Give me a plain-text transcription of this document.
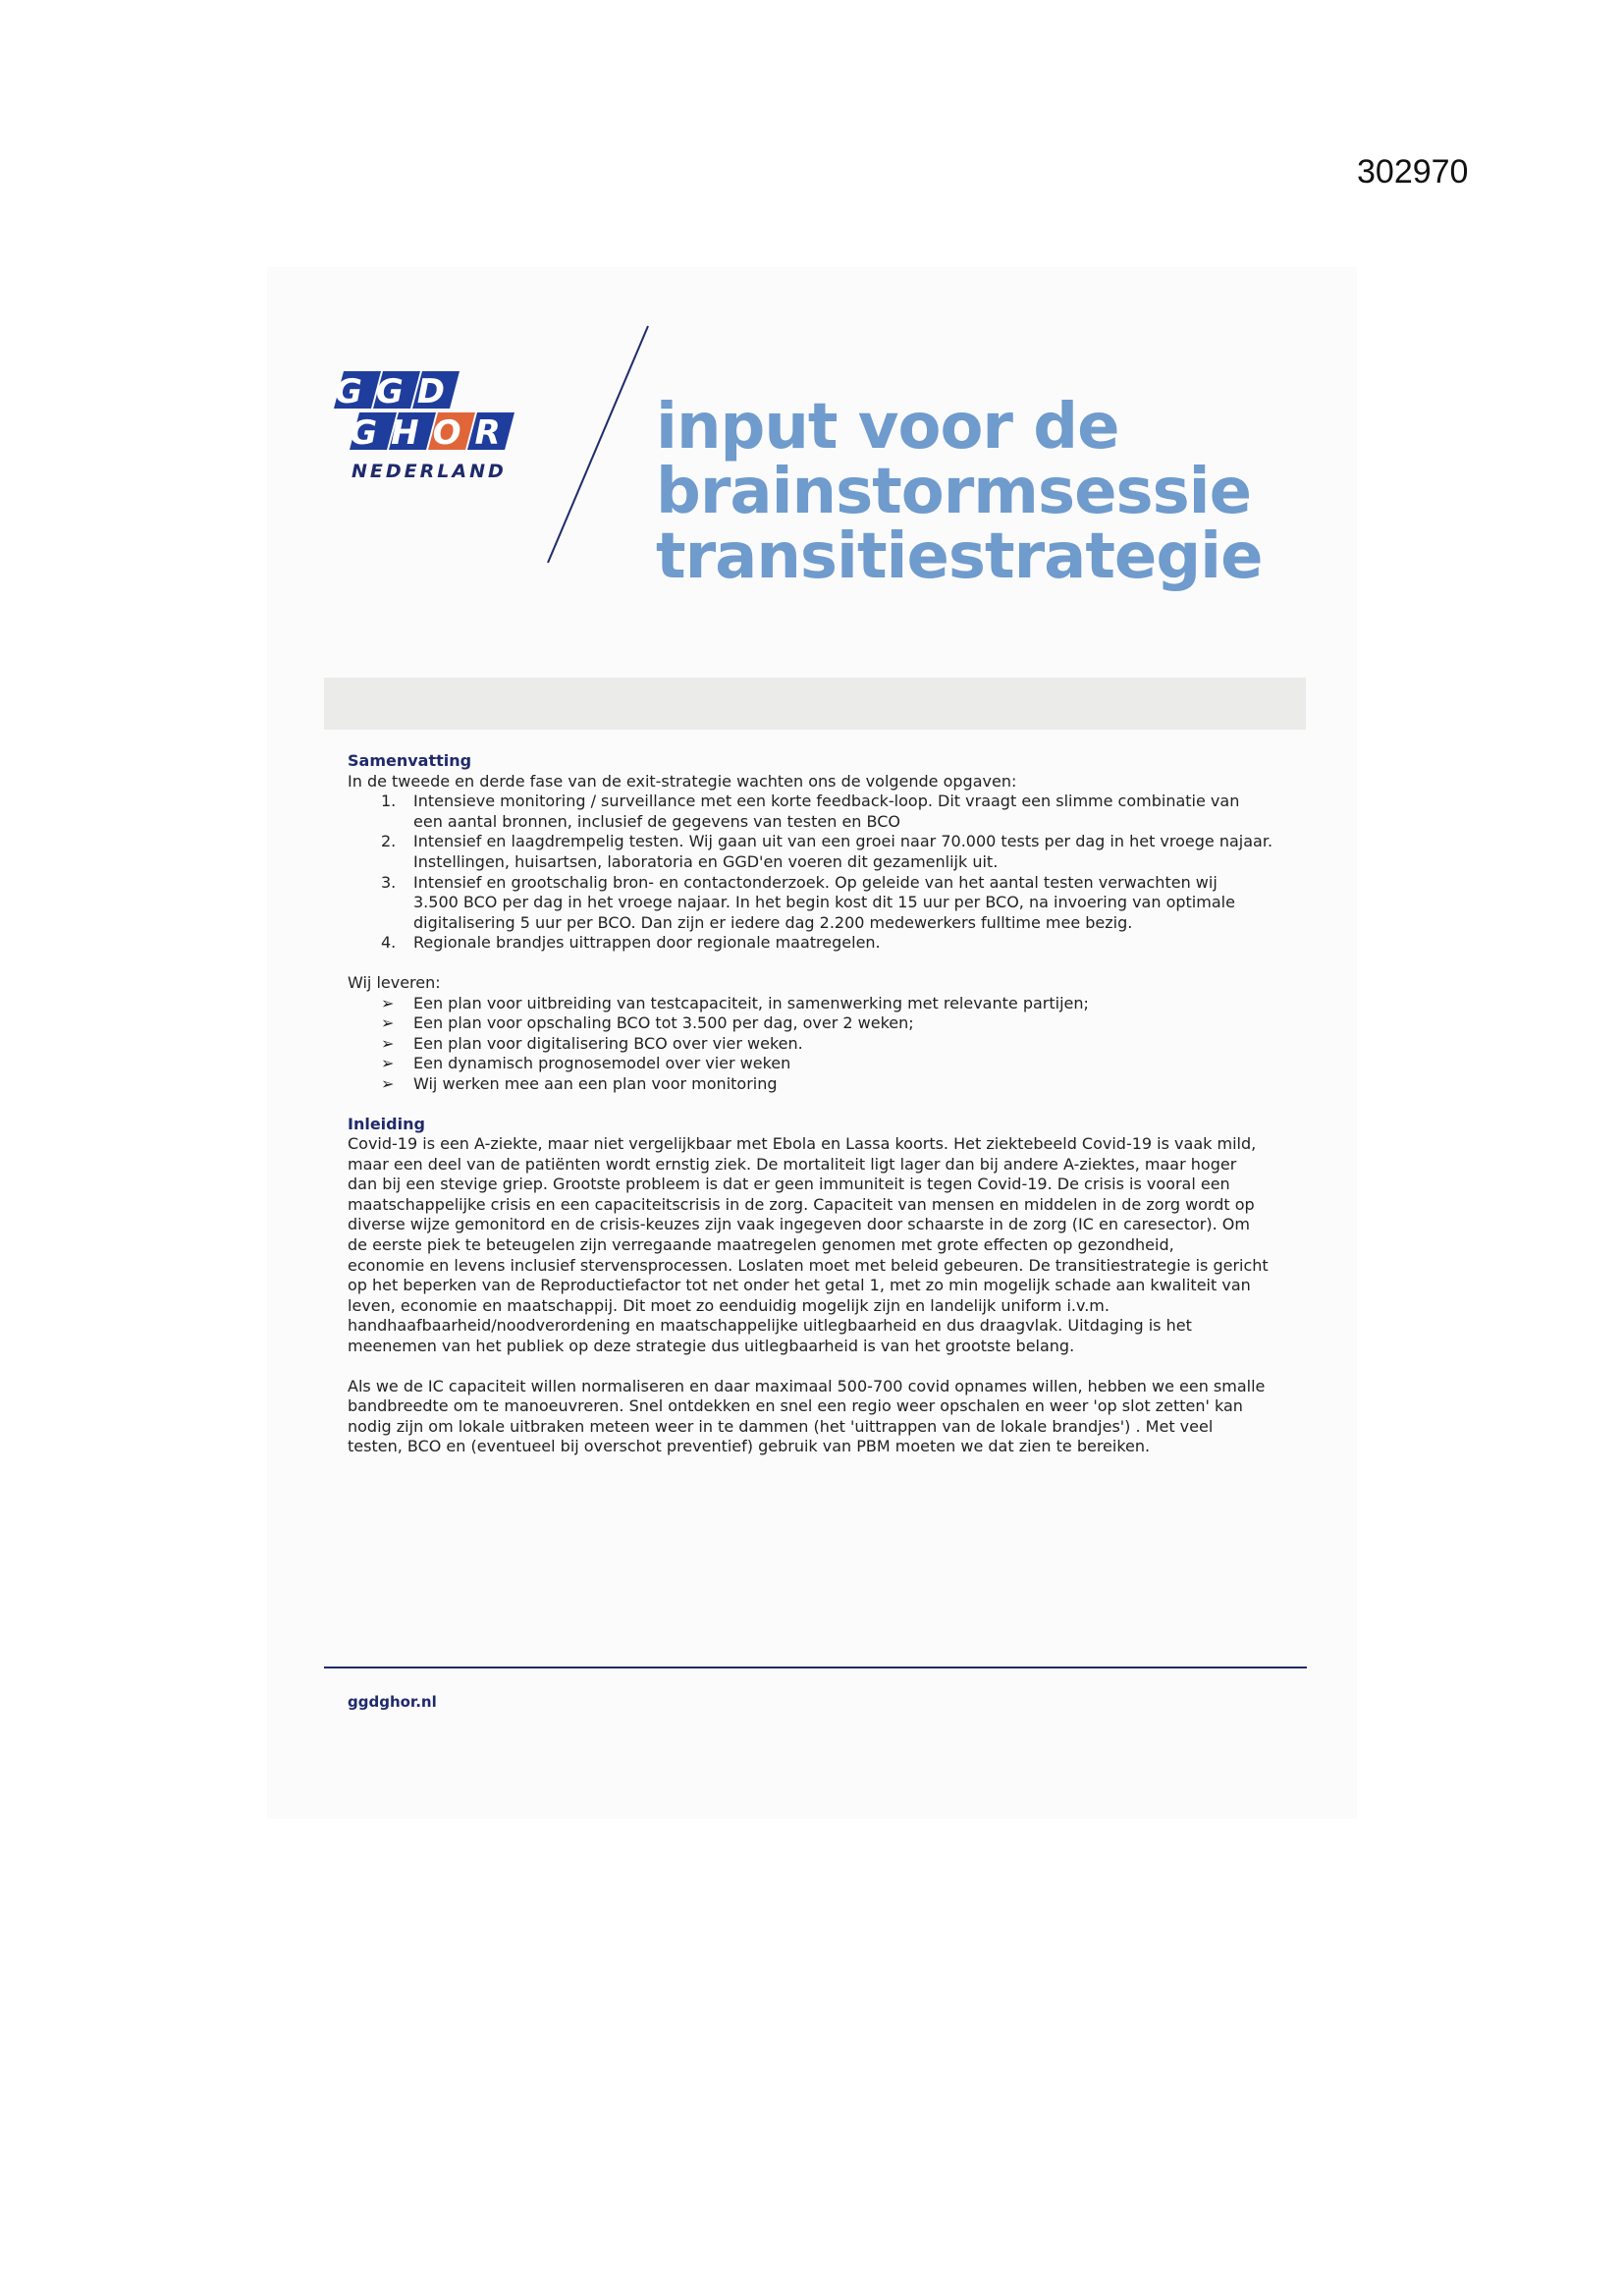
302970
GGD
GHOR
NEDERLAND
input voor de
brainstormsessie
transitiestrategie
Samenvatting

In de tweede en derde fase van de exit-strategie wachten ons de volgende opgaven:

1. Intensieve monitoring / surveillance met een korte feedback-loop. Dit vraagt een slimme combinatie van
een aantal bronnen, inclusief de gegevens van testen en BCO
2. Intensief en laagdrempelig testen. Wij gaan uit van een groei naar 70.000 tests per dag in het vroege najaar.
Instellingen, huisartsen, laboratoria en GGD'en voeren dit gezamenlijk uit.
3. Intensief en grootschalig bron- en contactonderzoek. Op geleide van het aantal testen verwachten wij
3.500 BCO per dag in het vroege najaar. In het begin kost dit 15 uur per BCO, na invoering van optimale
digitalisering 5 uur per BCO. Dan zijn er iedere dag 2.200 medewerkers fulltime mee bezig.
4. Regionale brandjes uittrappen door regionale maatregelen.

Wij leveren:

➢ Een plan voor uitbreiding van testcapaciteit, in samenwerking met relevante partijen;
➢ Een plan voor opschaling BCO tot 3.500 per dag, over 2 weken;
➢ Een plan voor digitalisering BCO over vier weken.
➢ Een dynamisch prognosemodel over vier weken
➢ Wij werken mee aan een plan voor monitoring
Inleiding
Covid-19 is een A-ziekte, maar niet vergelijkbaar met Ebola en Lassa koorts. Het ziektebeeld Covid-19 is vaak mild,
maar een deel van de patiënten wordt ernstig ziek. De mortaliteit ligt lager dan bij andere A-ziektes, maar hoger
dan bij een stevige griep. Grootste probleem is dat er geen immuniteit is tegen Covid-19. De crisis is vooral een
maatschappelijke crisis en een capaciteitscrisis in de zorg. Capaciteit van mensen en middelen in de zorg wordt op
diverse wijze gemonitord en de crisis-keuzes zijn vaak ingegeven door schaarste in de zorg (IC en caresector). Om
de eerste piek te beteugelen zijn verregaande maatregelen genomen met grote effecten op gezondheid,
economie en levens inclusief stervensprocessen. Loslaten moet met beleid gebeuren. De transitiestrategie is gericht
op het beperken van de Reproductiefactor tot net onder het getal 1, met zo min mogelijk schade aan kwaliteit van
leven, economie en maatschappij. Dit moet zo eenduidig mogelijk zijn en landelijk uniform i.v.m.
handhaafbaarheid/noodverordening en maatschappelijke uitlegbaarheid en dus draagvlak. Uitdaging is het
meenemen van het publiek op deze strategie dus uitlegbaarheid is van het grootste belang.
Als we de IC capaciteit willen normaliseren en daar maximaal 500-700 covid opnames willen, hebben we een smalle
bandbreedte om te manoeuvreren. Snel ontdekken en snel een regio weer opschalen en weer 'op slot zetten' kan
nodig zijn om lokale uitbraken meteen weer in te dammen (het 'uittrappen van de lokale brandjes') . Met veel
testen, BCO en (eventueel bij overschot preventief) gebruik van PBM moeten we dat zien te bereiken.
ggdghor.nl
